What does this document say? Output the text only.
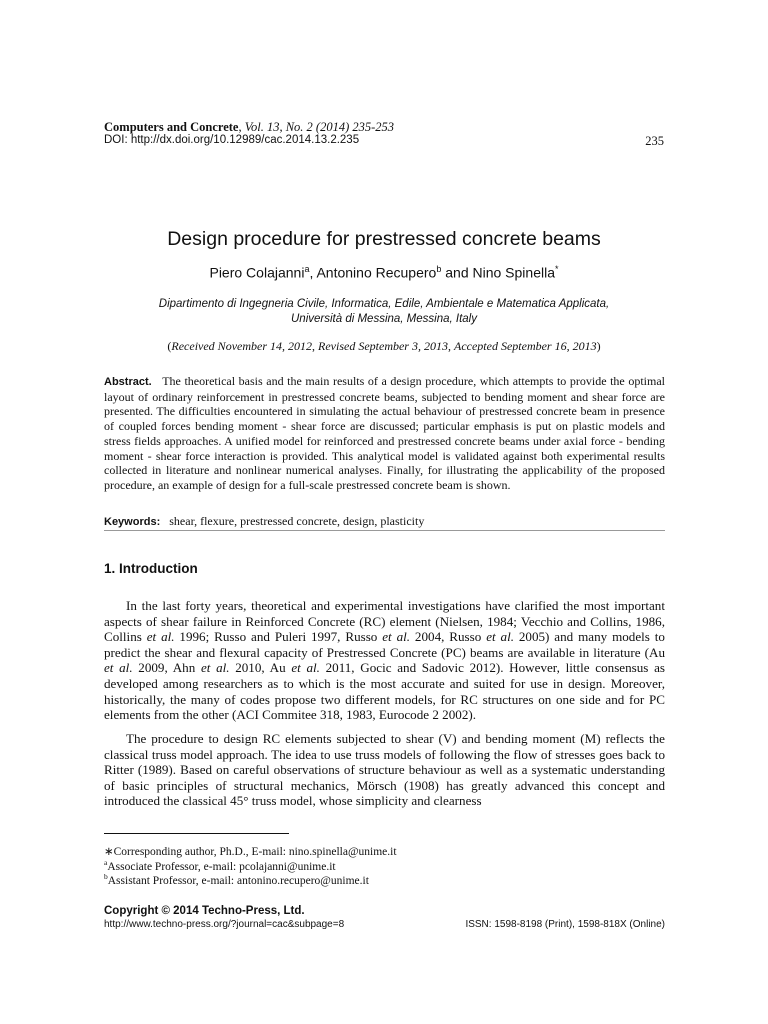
Computers and Concrete, Vol. 13, No. 2 (2014) 235-253
DOI: http://dx.doi.org/10.12989/cac.2014.13.2.235	235
Design procedure for prestressed concrete beams
Piero Colajanni$^a$, Antonino Recupero$^b$ and Nino Spinella*
Dipartimento di Ingegneria Civile, Informatica, Edile, Ambientale e Matematica Applicata,
Università di Messina, Messina, Italy
(Received November 14, 2012, Revised September 3, 2013, Accepted September 16, 2013)
Abstract. The theoretical basis and the main results of a design procedure, which attempts to provide the optimal layout of ordinary reinforcement in prestressed concrete beams, subjected to bending moment and shear force are presented. The difficulties encountered in simulating the actual behaviour of prestressed concrete beam in presence of coupled forces bending moment - shear force are discussed; particular emphasis is put on plastic models and stress fields approaches. A unified model for reinforced and prestressed concrete beams under axial force - bending moment - shear force interaction is provided. This analytical model is validated against both experimental results collected in literature and nonlinear numerical analyses. Finally, for illustrating the applicability of the proposed procedure, an example of design for a full-scale prestressed concrete beam is shown.
Keywords: shear, flexure, prestressed concrete, design, plasticity
1. Introduction
In the last forty years, theoretical and experimental investigations have clarified the most important aspects of shear failure in Reinforced Concrete (RC) element (Nielsen, 1984; Vecchio and Collins, 1986, Collins et al. 1996; Russo and Puleri 1997, Russo et al. 2004, Russo et al. 2005) and many models to predict the shear and flexural capacity of Prestressed Concrete (PC) beams are available in literature (Au et al. 2009, Ahn et al. 2010, Au et al. 2011, Gocic and Sadovic 2012). However, little consensus as developed among researchers as to which is the most accurate and suited for use in design. Moreover, historically, the many of codes propose two different models, for RC structures on one side and for PC elements from the other (ACI Commitee 318, 1983, Eurocode 2 2002).
The procedure to design RC elements subjected to shear (V) and bending moment (M) reflects the classical truss model approach. The idea to use truss models of following the flow of stresses goes back to Ritter (1989). Based on careful observations of structure behaviour as well as a systematic understanding of basic principles of structural mechanics, Mörsch (1908) has greatly advanced this concept and introduced the classical 45° truss model, whose simplicity and clearness
∗Corresponding author, Ph.D., E-mail: nino.spinella@unime.it
$^a$Associate Professor, e-mail: pcolajanni@unime.it
$^b$Assistant Professor, e-mail: antonino.recupero@unime.it
Copyright © 2014 Techno-Press, Ltd.
http://www.techno-press.org/?journal=cac&subpage=8	ISSN: 1598-8198 (Print), 1598-818X (Online)
